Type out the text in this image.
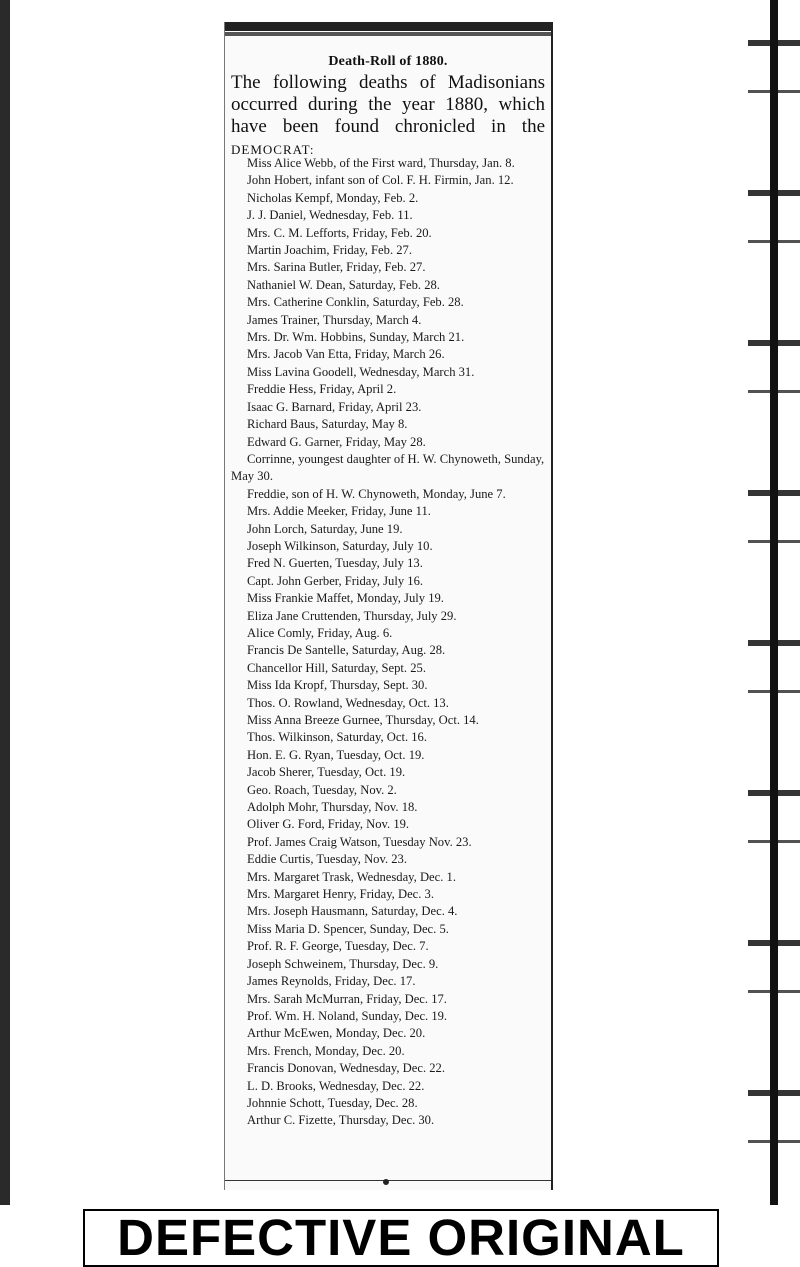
Death-Roll of 1880.
The following deaths of Madisonians occurred during the year 1880, which have been found chronicled in the DEMOCRAT:
Miss Alice Webb, of the First ward, Thursday, Jan. 8.
John Hobert, infant son of Col. F. H. Firmin, Jan. 12.
Nicholas Kempf, Monday, Feb. 2.
J. J. Daniel, Wednesday, Feb. 11.
Mrs. C. M. Lefforts, Friday, Feb. 20.
Martin Joachim, Friday, Feb. 27.
Mrs. Sarina Butler, Friday, Feb. 27.
Nathaniel W. Dean, Saturday, Feb. 28.
Mrs. Catherine Conklin, Saturday, Feb. 28.
James Trainer, Thursday, March 4.
Mrs. Dr. Wm. Hobbins, Sunday, March 21.
Mrs. Jacob Van Etta, Friday, March 26.
Miss Lavina Goodell, Wednesday, March 31.
Freddie Hess, Friday, April 2.
Isaac G. Barnard, Friday, April 23.
Richard Baus, Saturday, May 8.
Edward G. Garner, Friday, May 28.
Corrinne, youngest daughter of H. W. Chynoweth, Sunday, May 30.
Freddie, son of H. W. Chynoweth, Monday, June 7.
Mrs. Addie Meeker, Friday, June 11.
John Lorch, Saturday, June 19.
Joseph Wilkinson, Saturday, July 10.
Fred N. Guerten, Tuesday, July 13.
Capt. John Gerber, Friday, July 16.
Miss Frankie Maffet, Monday, July 19.
Eliza Jane Cruttenden, Thursday, July 29.
Alice Comly, Friday, Aug. 6.
Francis De Santelle, Saturday, Aug. 28.
Chancellor Hill, Saturday, Sept. 25.
Miss Ida Kropf, Thursday, Sept. 30.
Thos. O. Rowland, Wednesday, Oct. 13.
Miss Anna Breeze Gurnee, Thursday, Oct. 14.
Thos. Wilkinson, Saturday, Oct. 16.
Hon. E. G. Ryan, Tuesday, Oct. 19.
Jacob Sherer, Tuesday, Oct. 19.
Geo. Roach, Tuesday, Nov. 2.
Adolph Mohr, Thursday, Nov. 18.
Oliver G. Ford, Friday, Nov. 19.
Prof. James Craig Watson, Tuesday Nov. 23.
Eddie Curtis, Tuesday, Nov. 23.
Mrs. Margaret Trask, Wednesday, Dec. 1.
Mrs. Margaret Henry, Friday, Dec. 3.
Mrs. Joseph Hausmann, Saturday, Dec. 4.
Miss Maria D. Spencer, Sunday, Dec. 5.
Prof. R. F. George, Tuesday, Dec. 7.
Joseph Schweinem, Thursday, Dec. 9.
James Reynolds, Friday, Dec. 17.
Mrs. Sarah McMurran, Friday, Dec. 17.
Prof. Wm. H. Noland, Sunday, Dec. 19.
Arthur McEwen, Monday, Dec. 20.
Mrs. French, Monday, Dec. 20.
Francis Donovan, Wednesday, Dec. 22.
L. D. Brooks, Wednesday, Dec. 22.
Johnnie Schott, Tuesday, Dec. 28.
Arthur C. Fizette, Thursday, Dec. 30.
DEFECTIVE ORIGINAL
